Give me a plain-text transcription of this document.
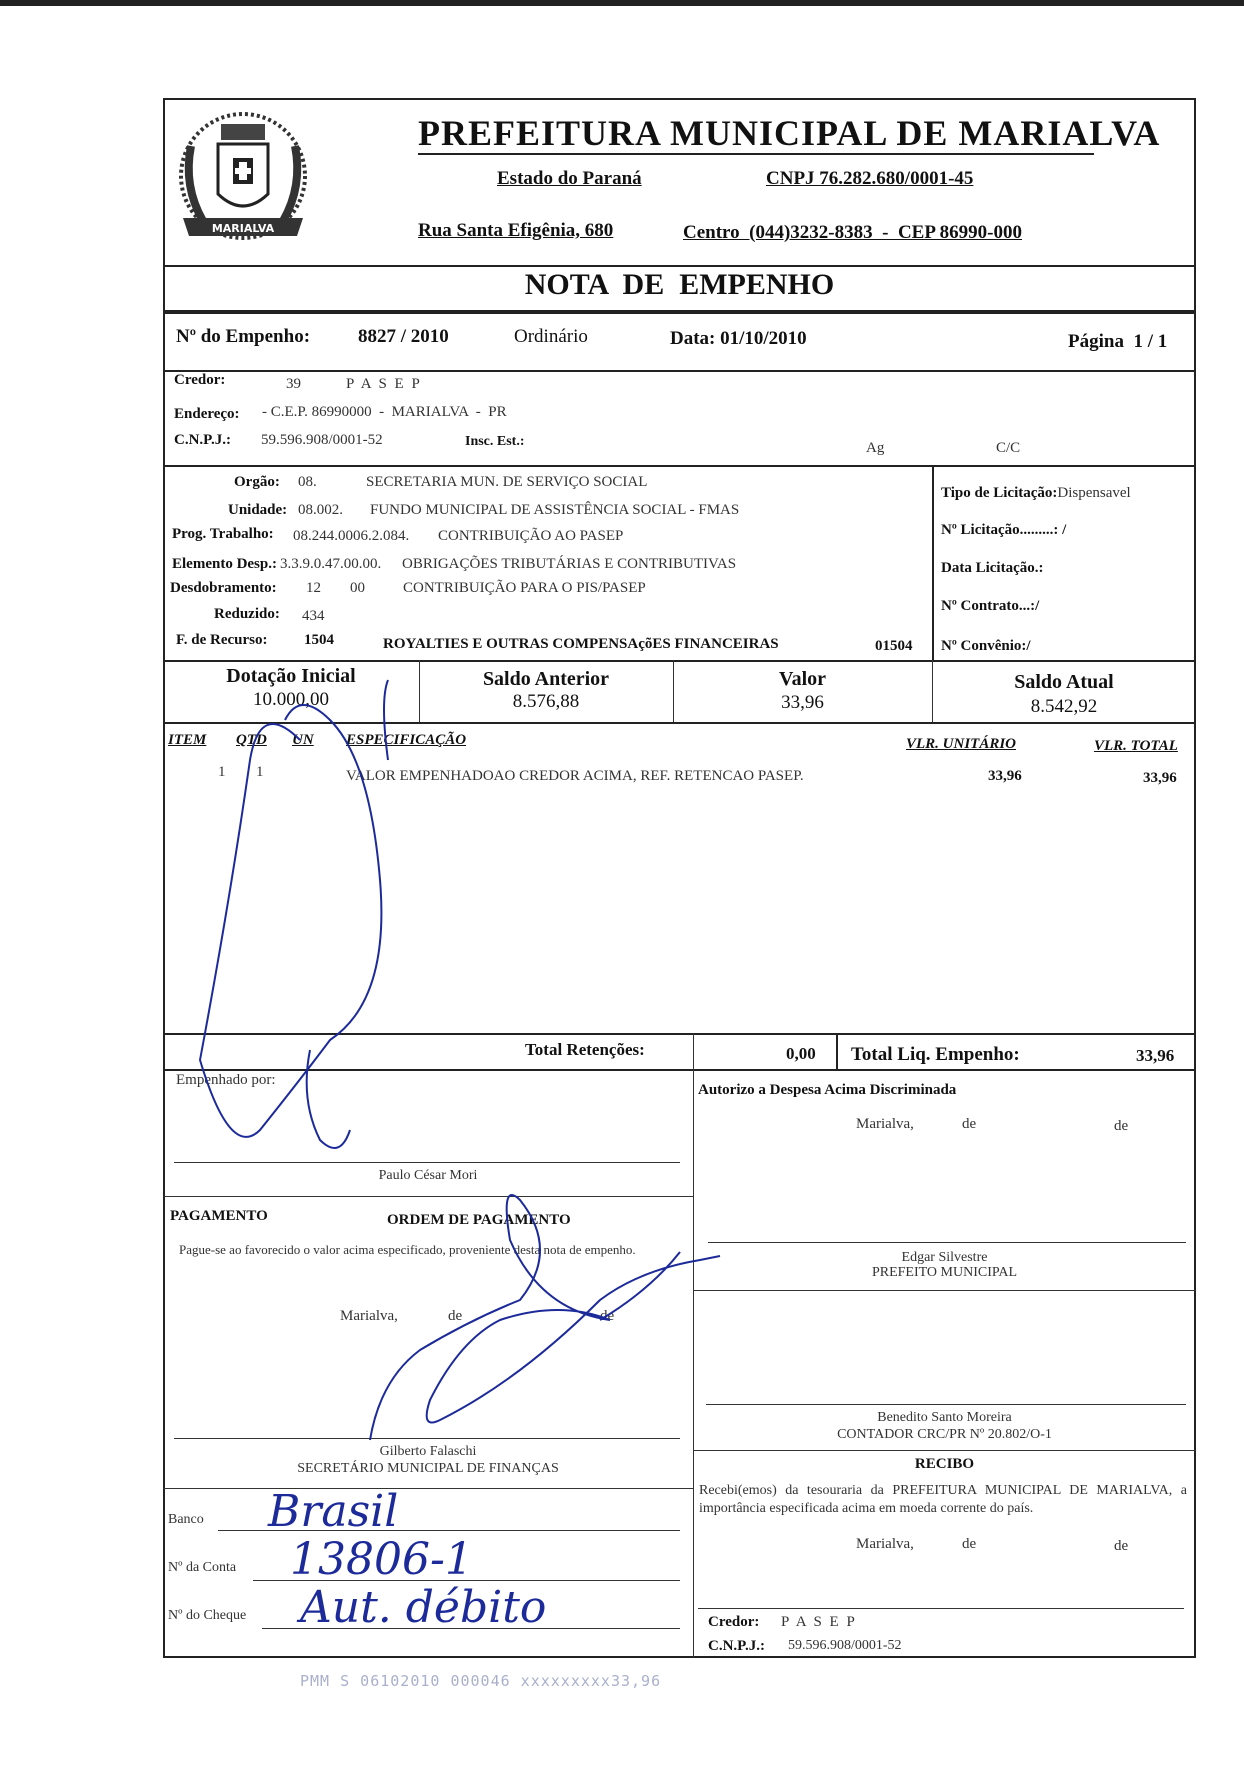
MARIALVA
PREFEITURA MUNICIPAL DE MARIALVA
Estado do Paraná	CNPJ 76.282.680/0001-45
Rua Santa Efigênia, 680	Centro  (044)3232-8383  -  CEP 86990-000
NOTA  DE  EMPENHO
Nº do Empenho:	8827 / 2010	Ordinário	Data: 01/10/2010	Página  1 / 1
Credor:	39	P A S E P
Endereço: - C.E.P. 86990000  -  MARIALVA  -  PR
C.N.P.J.: 59.596.908/0001-52	Insc. Est.:	Ag	C/C
Orgão: 08.	SECRETARIA MUN. DE SERVIÇO SOCIAL
Unidade: 08.002. FUNDO MUNICIPAL DE ASSISTÊNCIA SOCIAL - FMAS
Prog. Trabalho: 08.244.0006.2.084. CONTRIBUIÇÃO AO PASEP
Elemento Desp.: 3.3.9.0.47.00.00. OBRIGAÇÕES TRIBUTÁRIAS E CONTRIBUTIVAS
Desdobramento: 12 00	CONTRIBUIÇÃO PARA O PIS/PASEP
Reduzido: 434
F. de Recurso: 1504	ROYALTIES E OUTRAS COMPENSAçõES FINANCEIRAS	01504
Tipo de Licitação:Dispensavel
Nº Licitação.........: /
Data Licitação.:
Nº Contrato...:/
Nº Convênio:/
Dotação Inicial
10.000,00
Saldo Anterior
8.576,88
Valor
33,96
Saldo Atual
8.542,92
ITEM QTD UN ESPECIFICAÇÃO	VLR. UNITÁRIO	VLR. TOTAL
1 1	VALOR EMPENHADOAO CREDOR ACIMA, REF. RETENCAO PASEP.	33,96	33,96
Total Retenções:	0,00 Total Liq. Empenho:	33,96
Empenhado por:
Paulo César Mori
Autorizo a Despesa Acima Discriminada
Marialva,	de	de
Edgar Silvestre
PREFEITO MUNICIPAL
Benedito Santo Moreira
CONTADOR CRC/PR Nº 20.802/O-1
RECIBO
Recebi(emos) da tesouraria da PREFEITURA MUNICIPAL DE MARIALVA, a importância especificada acima em moeda corrente do país.
Marialva,	de	de
Credor: P A S E P
C.N.P.J.: 59.596.908/0001-52
PAGAMENTO	ORDEM DE PAGAMENTO
Pague-se ao favorecido o valor acima especificado, proveniente desta nota de empenho.
Marialva,	de	de
Gilberto Falaschi
SECRETÁRIO MUNICIPAL DE FINANÇAS
Banco Brasil
Nº da Conta 13806-1
Nº do Cheque Aut. débito
PMM S 06102010 000046 xxxxxxxxx33,96
